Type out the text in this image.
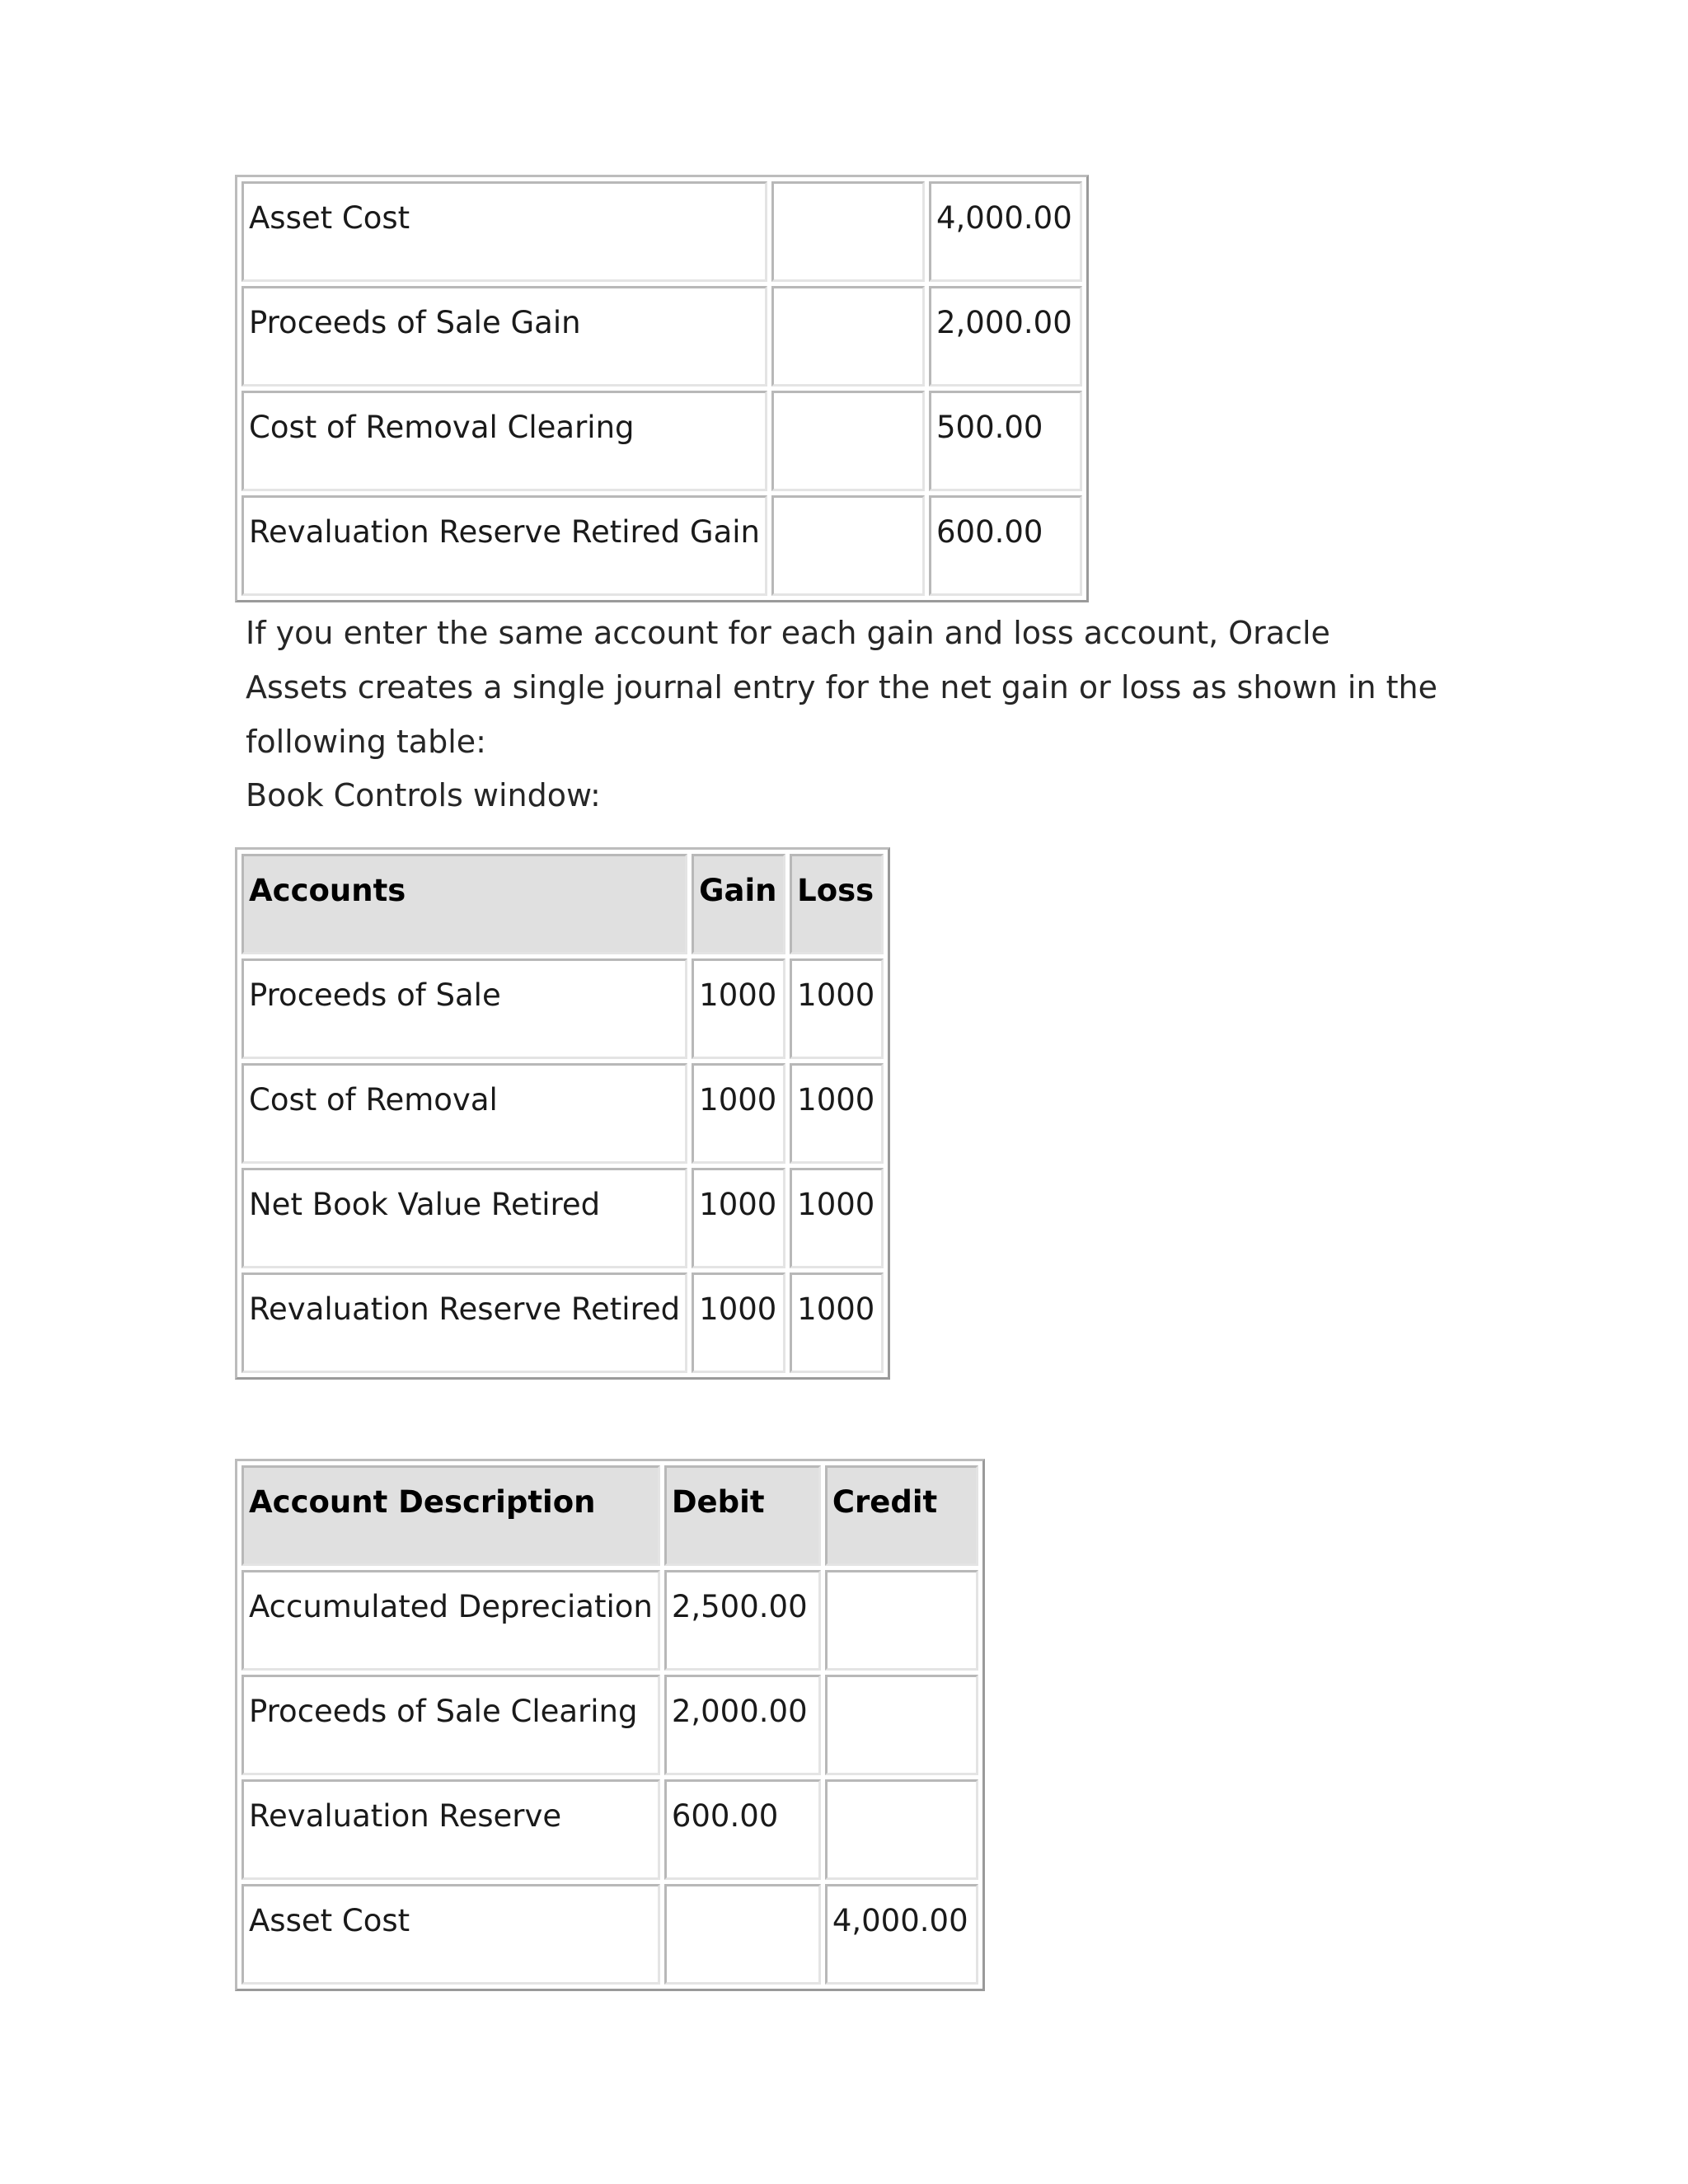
Asset Cost		4,000.00

Proceeds of Sale Gain		2,000.00

Cost of Removal Clearing		500.00

Revaluation Reserve Retired Gain		600.00

If you enter the same account for each gain and loss account, Oracle Assets creates a single journal entry for the net gain or loss as shown in the following table:

Book Controls window:

Accounts	Gain	Loss

Proceeds of Sale	1000	1000

Cost of Removal	1000	1000

Net Book Value Retired	1000	1000

Revaluation Reserve Retired	1000	1000
Account Description	Debit	Credit

Accumulated Depreciation	2,500.00	

Proceeds of Sale Clearing	2,000.00	

Revaluation Reserve	600.00	

Asset Cost		4,000.00
